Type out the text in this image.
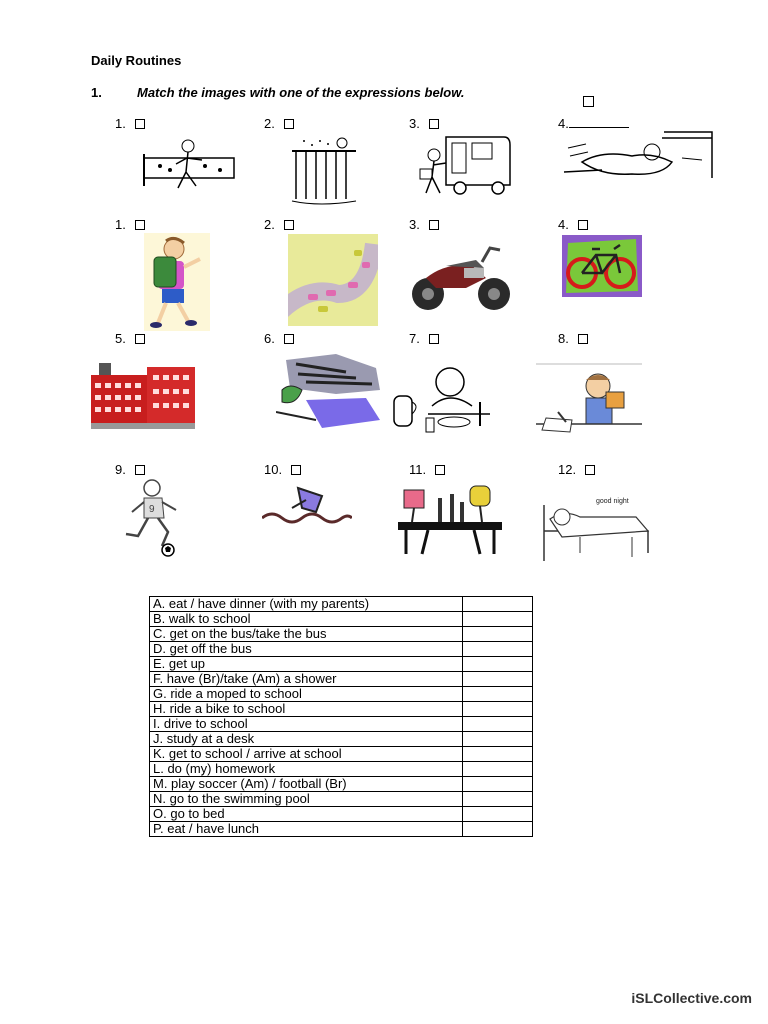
Daily Routines
1.	Match the images with one of the expressions below.
1.	2.	3.	4.
1.	2.	3.	4.
5.	6.	7.	8.
9.	10.	11.	12.
9
good night
A. eat / have dinner (with my parents)	
B. walk to school	
C. get on the bus/take the bus	
D. get off the bus	
E. get up	
F. have (Br)/take (Am) a shower	
G. ride a moped to school	
H. ride a bike to school	
I. drive to school	
J. study at a desk	
K. get to school / arrive at school	
L. do (my) homework	
M. play soccer (Am) / football (Br)	
N. go to the swimming pool	
O. go to bed	
P. eat / have lunch	
iSLCollective.com
